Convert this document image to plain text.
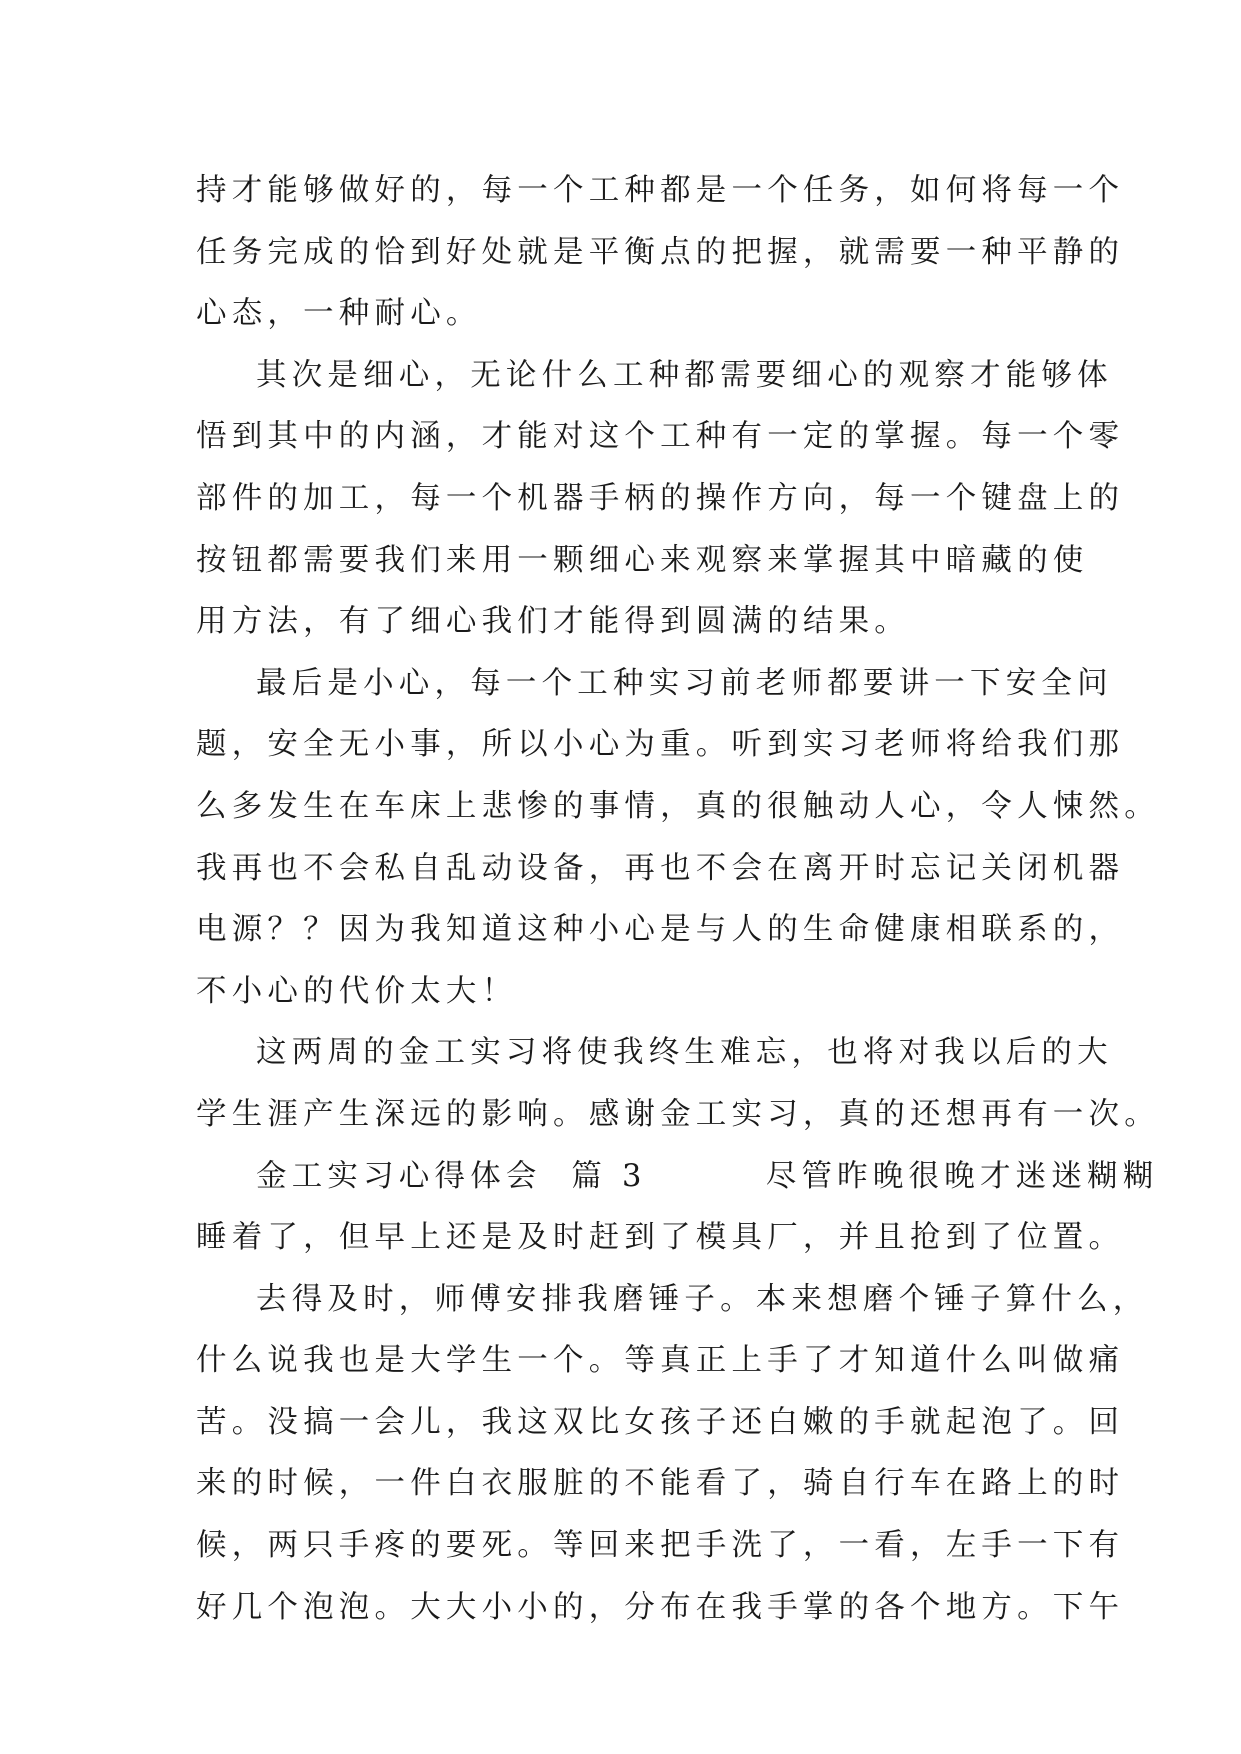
持才能够做好的，每一个工种都是一个任务，如何将每一个
任务完成的恰到好处就是平衡点的把握，就需要一种平静的
心态，一种耐心。

其次是细心，无论什么工种都需要细心的观察才能够体
悟到其中的内涵，才能对这个工种有一定的掌握。每一个零
部件的加工，每一个机器手柄的操作方向，每一个键盘上的
按钮都需要我们来用一颗细心来观察来掌握其中暗藏的使
用方法，有了细心我们才能得到圆满的结果。

最后是小心，每一个工种实习前老师都要讲一下安全问
题，安全无小事，所以小心为重。听到实习老师将给我们那
么多发生在车床上悲惨的事情，真的很触动人心，令人悚然。
我再也不会私自乱动设备，再也不会在离开时忘记关闭机器
电源？？因为我知道这种小心是与人的生命健康相联系的，
不小心的代价太大！

这两周的金工实习将使我终生难忘，也将对我以后的大
学生涯产生深远的影响。感谢金工实习，真的还想再有一次。

金工实习心得体会  篇 3        尽管昨晚很晚才迷迷糊糊
睡着了，但早上还是及时赶到了模具厂，并且抢到了位置。

去得及时，师傅安排我磨锤子。本来想磨个锤子算什么，
什么说我也是大学生一个。等真正上手了才知道什么叫做痛
苦。没搞一会儿，我这双比女孩子还白嫩的手就起泡了。回
来的时候，一件白衣服脏的不能看了，骑自行车在路上的时
候，两只手疼的要死。等回来把手洗了，一看，左手一下有
好几个泡泡。大大小小的，分布在我手掌的各个地方。下午
